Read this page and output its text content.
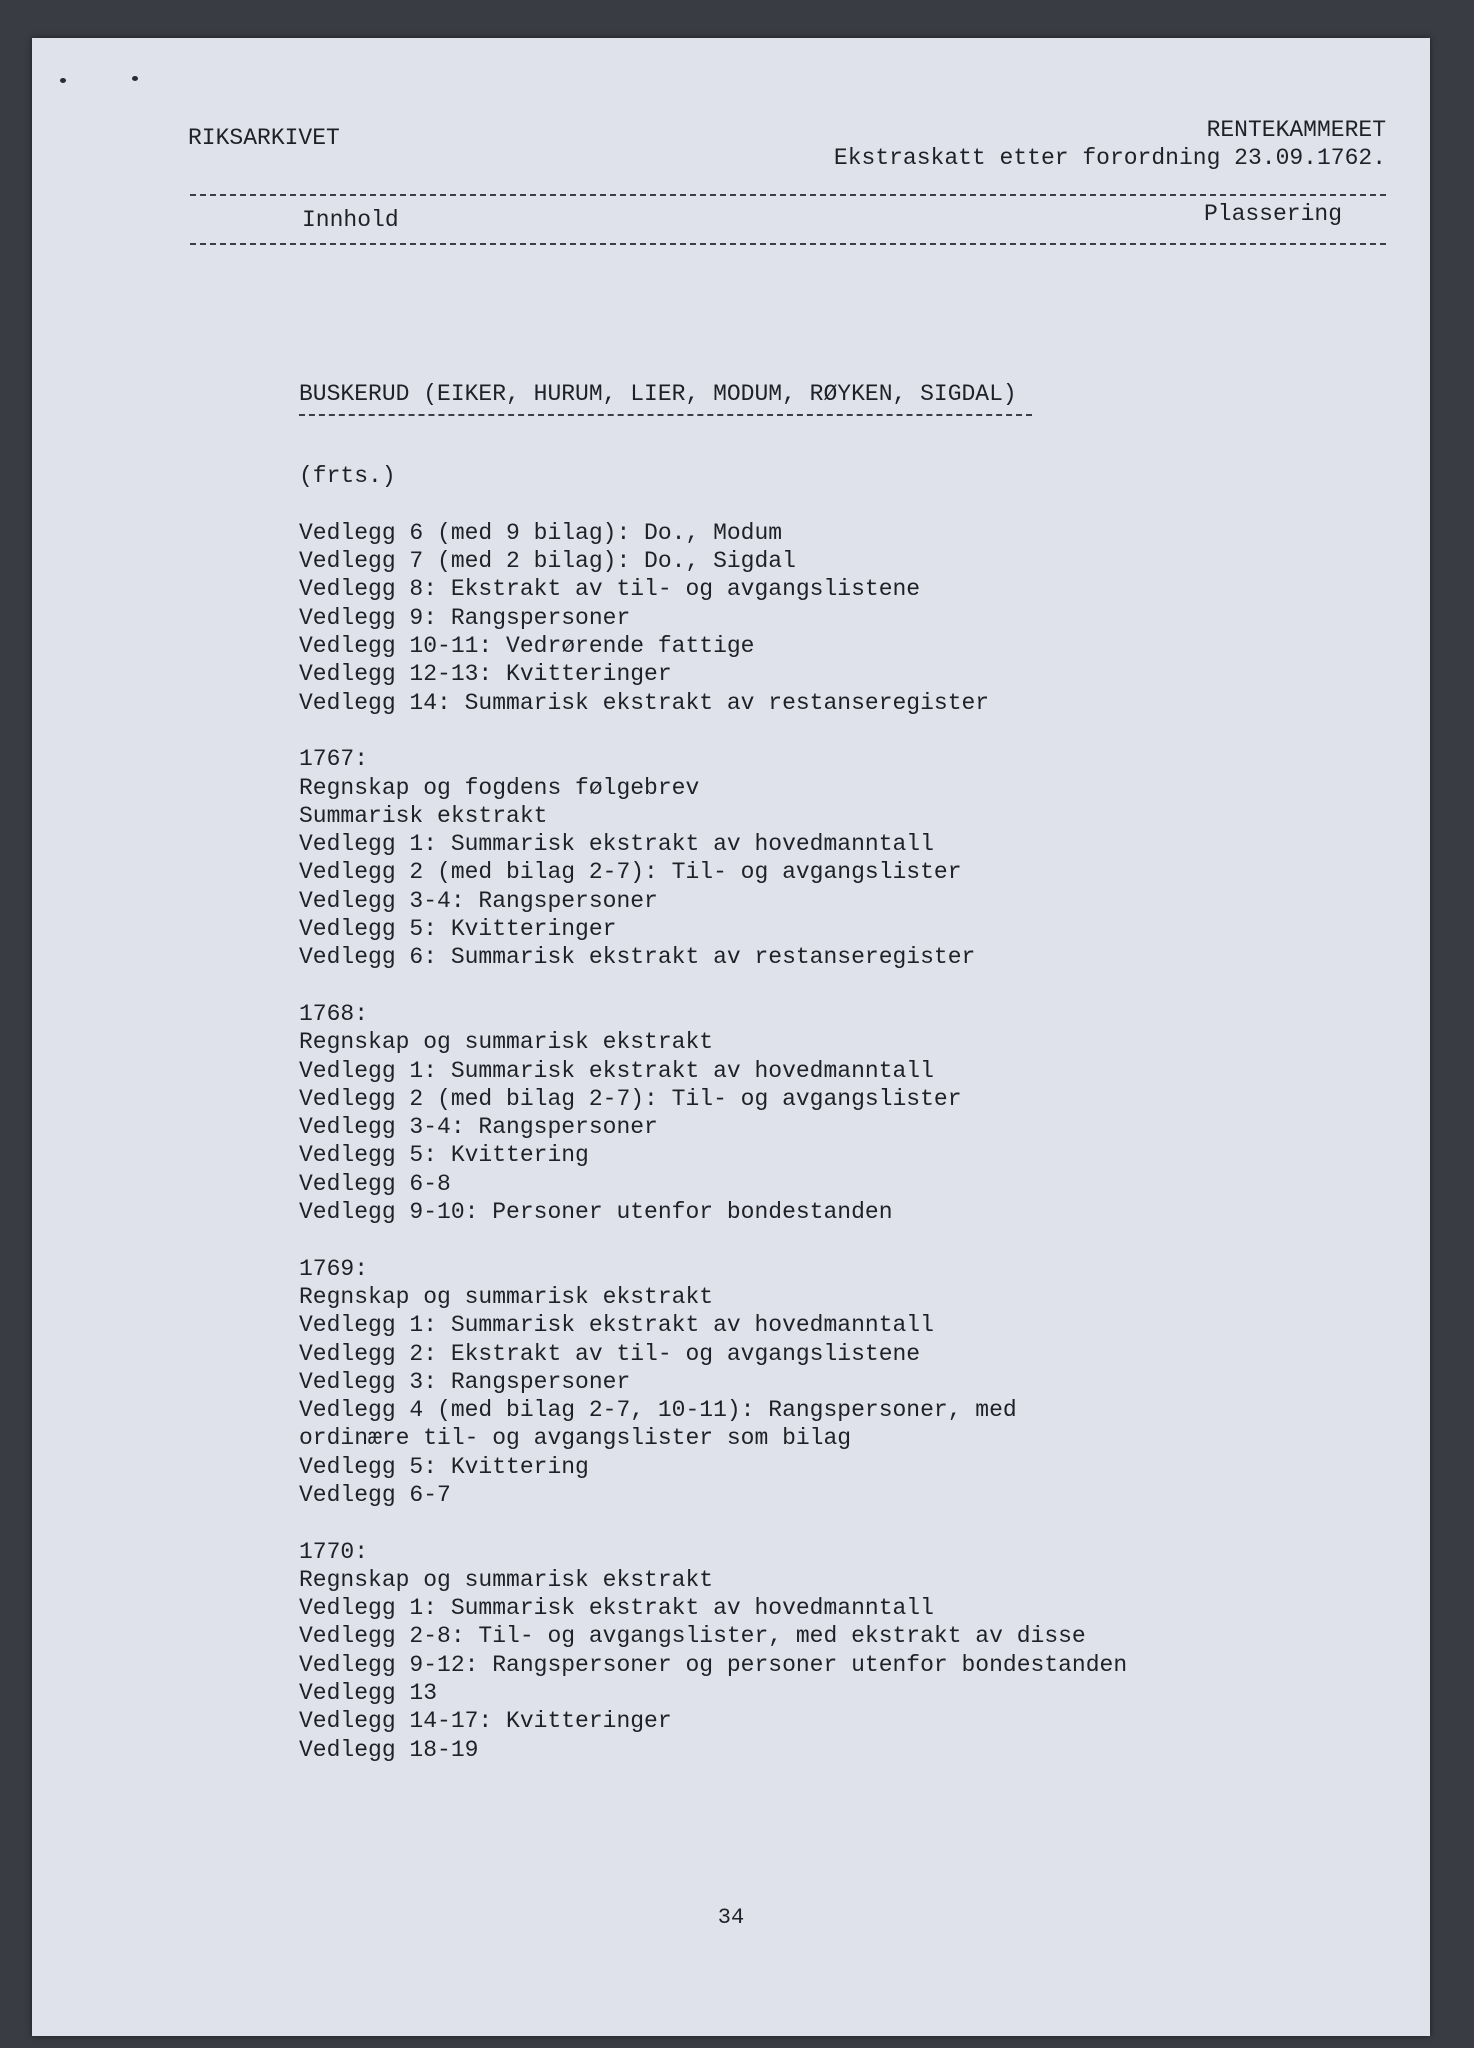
RIKSARKIVET	RENTEKAMMERET
Ekstraskatt etter forordning 23.09.1762.
Innhold	Plassering
BUSKERUD (EIKER, HURUM, LIER, MODUM, RØYKEN, SIGDAL)
(frts.)
Vedlegg 6 (med 9 bilag): Do., Modum
Vedlegg 7 (med 2 bilag): Do., Sigdal
Vedlegg 8: Ekstrakt av til- og avgangslistene
Vedlegg 9: Rangspersoner
Vedlegg 10-11: Vedrørende fattige
Vedlegg 12-13: Kvitteringer
Vedlegg 14: Summarisk ekstrakt av restanseregister
1767:
Regnskap og fogdens følgebrev
Summarisk ekstrakt
Vedlegg 1: Summarisk ekstrakt av hovedmanntall
Vedlegg 2 (med bilag 2-7): Til- og avgangslister
Vedlegg 3-4: Rangspersoner
Vedlegg 5: Kvitteringer
Vedlegg 6: Summarisk ekstrakt av restanseregister
1768:
Regnskap og summarisk ekstrakt
Vedlegg 1: Summarisk ekstrakt av hovedmanntall
Vedlegg 2 (med bilag 2-7): Til- og avgangslister
Vedlegg 3-4: Rangspersoner
Vedlegg 5: Kvittering
Vedlegg 6-8
Vedlegg 9-10: Personer utenfor bondestanden
1769:
Regnskap og summarisk ekstrakt
Vedlegg 1: Summarisk ekstrakt av hovedmanntall
Vedlegg 2: Ekstrakt av til- og avgangslistene
Vedlegg 3: Rangspersoner
Vedlegg 4 (med bilag 2-7, 10-11): Rangspersoner, med
ordinære til- og avgangslister som bilag
Vedlegg 5: Kvittering
Vedlegg 6-7
1770:
Regnskap og summarisk ekstrakt
Vedlegg 1: Summarisk ekstrakt av hovedmanntall
Vedlegg 2-8: Til- og avgangslister, med ekstrakt av disse
Vedlegg 9-12: Rangspersoner og personer utenfor bondestanden
Vedlegg 13
Vedlegg 14-17: Kvitteringer
Vedlegg 18-19
34
